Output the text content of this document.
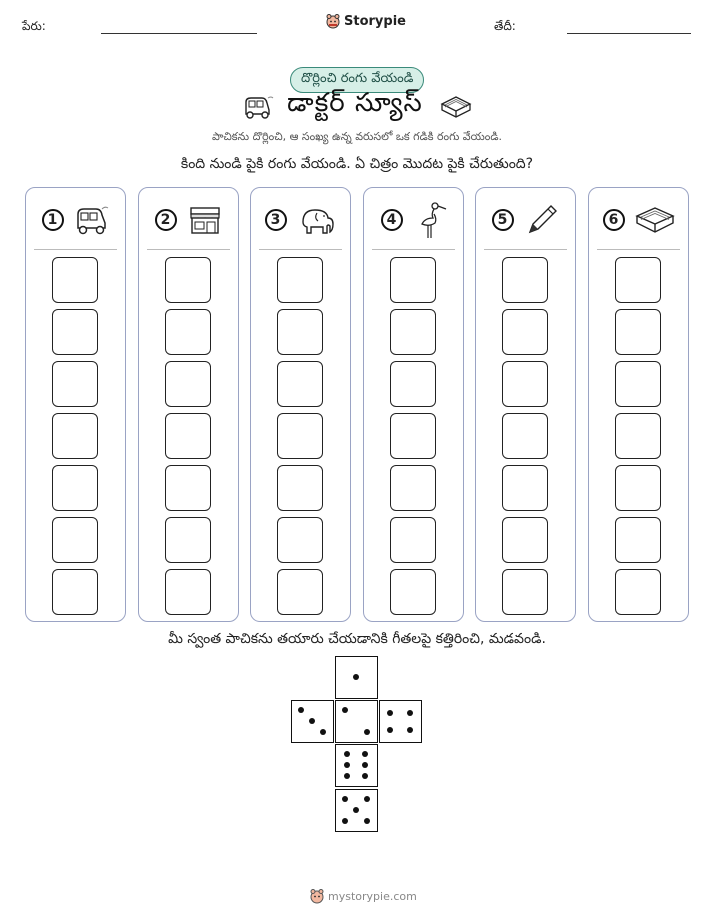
పేరు:	Storypie	తేదీ:
దొర్లించి రంగు వేయండి
డాక్టర్ స్యూస్
పాచికను దొర్లించి, ఆ సంఖ్య ఉన్న వరుసలో ఒక గడికి రంగు వేయండి.
కింది నుండి పైకి రంగు వేయండి. ఏ చిత్రం మొదట పైకి చేరుతుంది?
1	2	3	4	5	6
మీ స్వంత పాచికను తయారు చేయడానికి గీతలపై కత్తిరించి, మడవండి.
mystorypie.com
